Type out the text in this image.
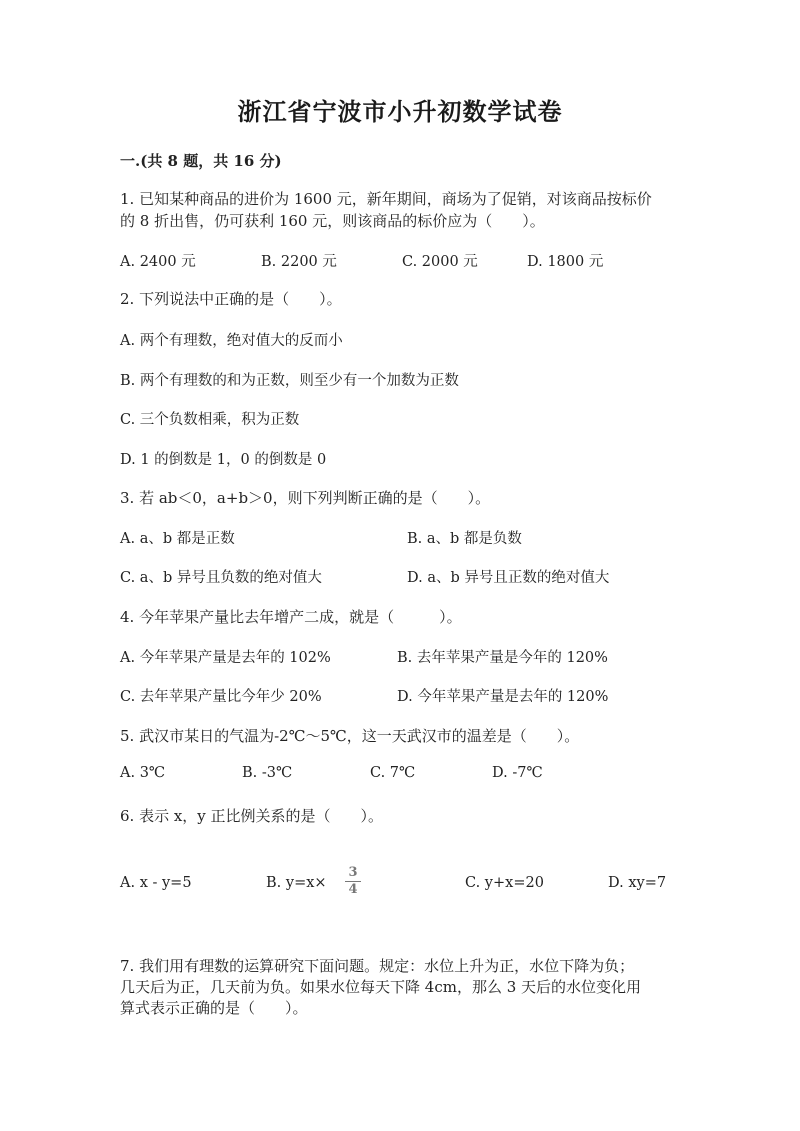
浙江省宁波市小升初数学试卷
一.(共 8 题，共 16 分)
1. 已知某种商品的进价为 1600 元，新年期间，商场为了促销，对该商品按标价
的 8 折出售，仍可获利 160 元，则该商品的标价应为（　　）。
A. 2400 元	B. 2200 元	C. 2000 元	D. 1800 元
2. 下列说法中正确的是（　　）。
A. 两个有理数，绝对值大的反而小
B. 两个有理数的和为正数，则至少有一个加数为正数
C. 三个负数相乘，积为正数
D. 1 的倒数是 1，0 的倒数是 0
3. 若 ab＜0，a+b＞0，则下列判断正确的是（　　）。
A. a、b 都是正数	B. a、b 都是负数
C. a、b 异号且负数的绝对值大	D. a、b 异号且正数的绝对值大
4. 今年苹果产量比去年增产二成，就是（　　　）。
A. 今年苹果产量是去年的 102%	B. 去年苹果产量是今年的 120%
C. 去年苹果产量比今年少 20%	D. 今年苹果产量是去年的 120%
5. 武汉市某日的气温为-2℃～5℃，这一天武汉市的温差是（　　）。
A. 3℃	B. -3℃	C. 7℃	D. -7℃
6. 表示 x，y 正比例关系的是（　　）。
A. x - y=5	B. y=x×
3
4	C. y+x=20	D. xy=7
7. 我们用有理数的运算研究下面问题。规定：水位上升为正，水位下降为负；
几天后为正，几天前为负。如果水位每天下降 4cm，那么 3 天后的水位变化用
算式表示正确的是（　　）。
